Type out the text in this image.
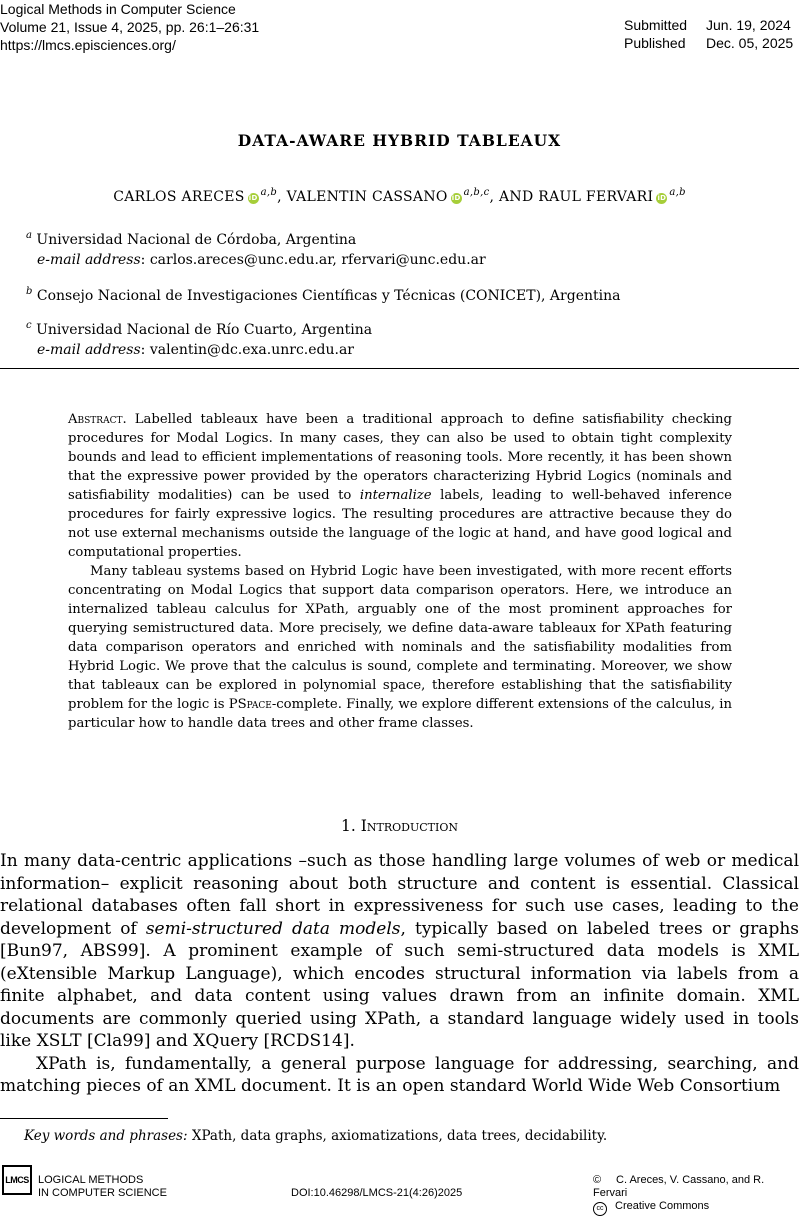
Logical Methods in Computer Science
Volume 21, Issue 4, 2025, pp. 26:1–26:31
https://lmcs.episciences.org/
Submitted Jun. 19, 2024
Published Dec. 05, 2025
DATA-AWARE HYBRID TABLEAUX
CARLOS ARECES iD $^{a,b}$, VALENTIN CASSANO iD $^{a,b,c}$, AND RAUL FERVARI iD $^{a,b}$
$^a$ Universidad Nacional de Córdoba, Argentina
e-mail address: carlos.areces@unc.edu.ar, rfervari@unc.edu.ar
$^b$ Consejo Nacional de Investigaciones Científicas y Técnicas (CONICET), Argentina
$^c$ Universidad Nacional de Río Cuarto, Argentina
e-mail address: valentin@dc.exa.unrc.edu.ar

Abstract. Labelled tableaux have been a traditional approach to define satisfiability checking procedures for Modal Logics. In many cases, they can also be used to obtain tight complexity bounds and lead to efficient implementations of reasoning tools. More recently, it has been shown that the expressive power provided by the operators characterizing Hybrid Logics (nominals and satisfiability modalities) can be used to internalize labels, leading to well-behaved inference procedures for fairly expressive logics. The resulting procedures are attractive because they do not use external mechanisms outside the language of the logic at hand, and have good logical and computational properties.

Many tableau systems based on Hybrid Logic have been investigated, with more recent efforts concentrating on Modal Logics that support data comparison operators. Here, we introduce an internalized tableau calculus for XPath, arguably one of the most prominent approaches for querying semistructured data. More precisely, we define data-aware tableaux for XPath featuring data comparison operators and enriched with nominals and the satisfiability modalities from Hybrid Logic. We prove that the calculus is sound, complete and terminating. Moreover, we show that tableaux can be explored in polynomial space, therefore establishing that the satisfiability problem for the logic is PSpace-complete. Finally, we explore different extensions of the calculus, in particular how to handle data trees and other frame classes.

1. Introduction

In many data-centric applications –such as those handling large volumes of web or medical information– explicit reasoning about both structure and content is essential. Classical relational databases often fall short in expressiveness for such use cases, leading to the development of semi-structured data models, typically based on labeled trees or graphs [Bun97, ABS99]. A prominent example of such semi-structured data models is XML (eXtensible Markup Language), which encodes structural information via labels from a finite alphabet, and data content using values drawn from an infinite domain. XML documents are commonly queried using XPath, a standard language widely used in tools like XSLT [Cla99] and XQuery [RCDS14].

XPath is, fundamentally, a general purpose language for addressing, searching, and matching pieces of an XML document. It is an open standard World Wide Web Consortium

Key words and phrases: XPath, data graphs, axiomatizations, data trees, decidability.
LMCS LOGICAL METHODS
IN COMPUTER SCIENCE	DOI:10.46298/LMCS-21(4:26)2025
© C. Areces, V. Cassano, and R. Fervari
cc Creative Commons
